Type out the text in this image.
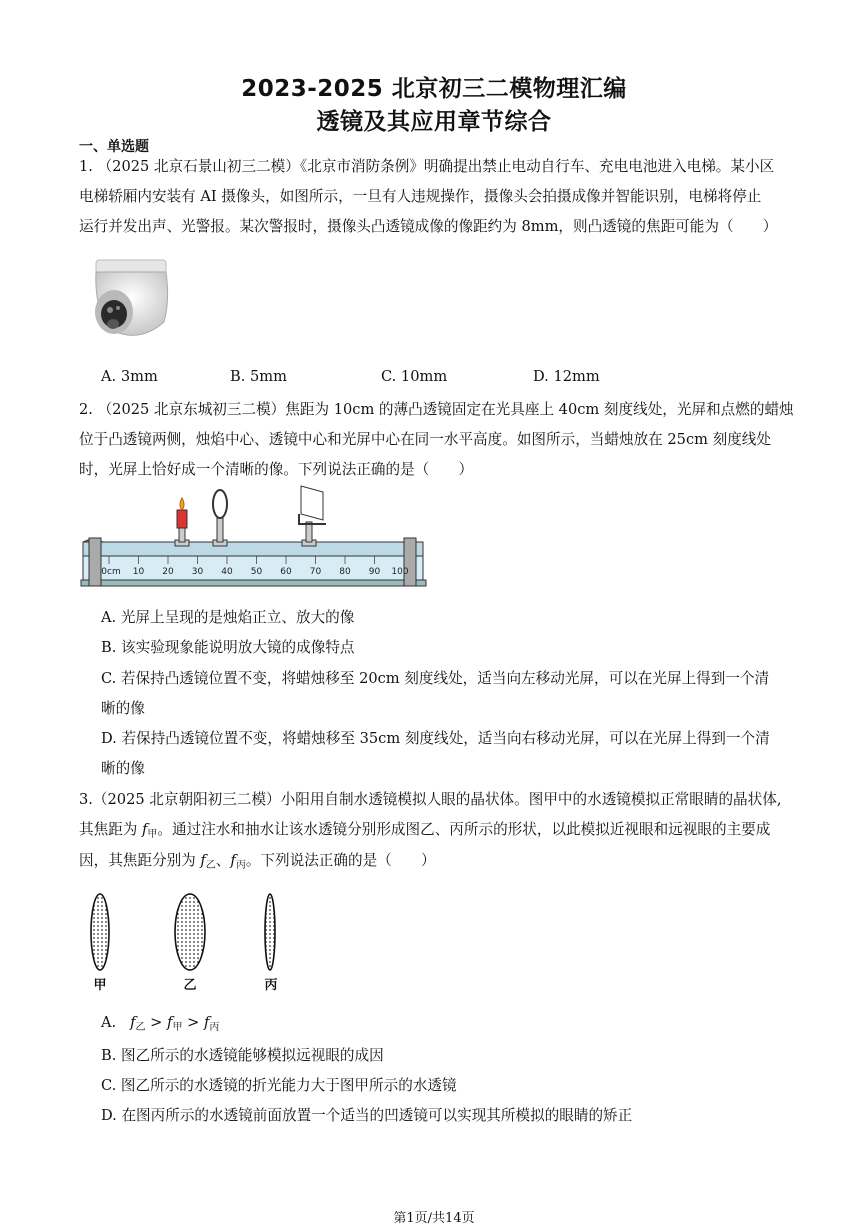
2023-2025 北京初三二模物理汇编
透镜及其应用章节综合
一、单选题
1. （2025 北京石景山初三二模）《北京市消防条例》明确提出禁止电动自行车、充电电池进入电梯。某小区
电梯轿厢内安装有 AI 摄像头，如图所示，一旦有人违规操作，摄像头会拍摄成像并智能识别，电梯将停止
运行并发出声、光警报。某次警报时，摄像头凸透镜成像的像距约为 8mm，则凸透镜的焦距可能为（　　）
A. 3mm	B. 5mm	C. 10mm	D. 12mm
2. （2025 北京东城初三二模）焦距为 10cm 的薄凸透镜固定在光具座上 40cm 刻度线处，光屏和点燃的蜡烛
位于凸透镜两侧，烛焰中心、透镜中心和光屏中心在同一水平高度。如图所示，当蜡烛放在 25cm 刻度线处
时，光屏上恰好成一个清晰的像。下列说法正确的是（　　）
0cm 10 20 30 40 50 60 70 80 90 100
A. 光屏上呈现的是烛焰正立、放大的像
B. 该实验现象能说明放大镜的成像特点
C. 若保持凸透镜位置不变，将蜡烛移至 20cm 刻度线处，适当向左移动光屏，可以在光屏上得到一个清
晰的像
D. 若保持凸透镜位置不变，将蜡烛移至 35cm 刻度线处，适当向右移动光屏，可以在光屏上得到一个清
晰的像
3.（2025 北京朝阳初三二模）小阳用自制水透镜模拟人眼的晶状体。图甲中的水透镜模拟正常眼睛的晶状体,
其焦距为 $f_甲$。通过注水和抽水让该水透镜分别形成图乙、丙所示的形状，以此模拟近视眼和远视眼的主要成
因，其焦距分别为 $f_乙$、$f_丙$。下列说法正确的是（　　）
甲	乙	丙
A. $f_乙 > f_甲 > f_丙$
B. 图乙所示的水透镜能够模拟远视眼的成因
C. 图乙所示的水透镜的折光能力大于图甲所示的水透镜
D. 在图丙所示的水透镜前面放置一个适当的凹透镜可以实现其所模拟的眼睛的矫正
第1页/共14页
